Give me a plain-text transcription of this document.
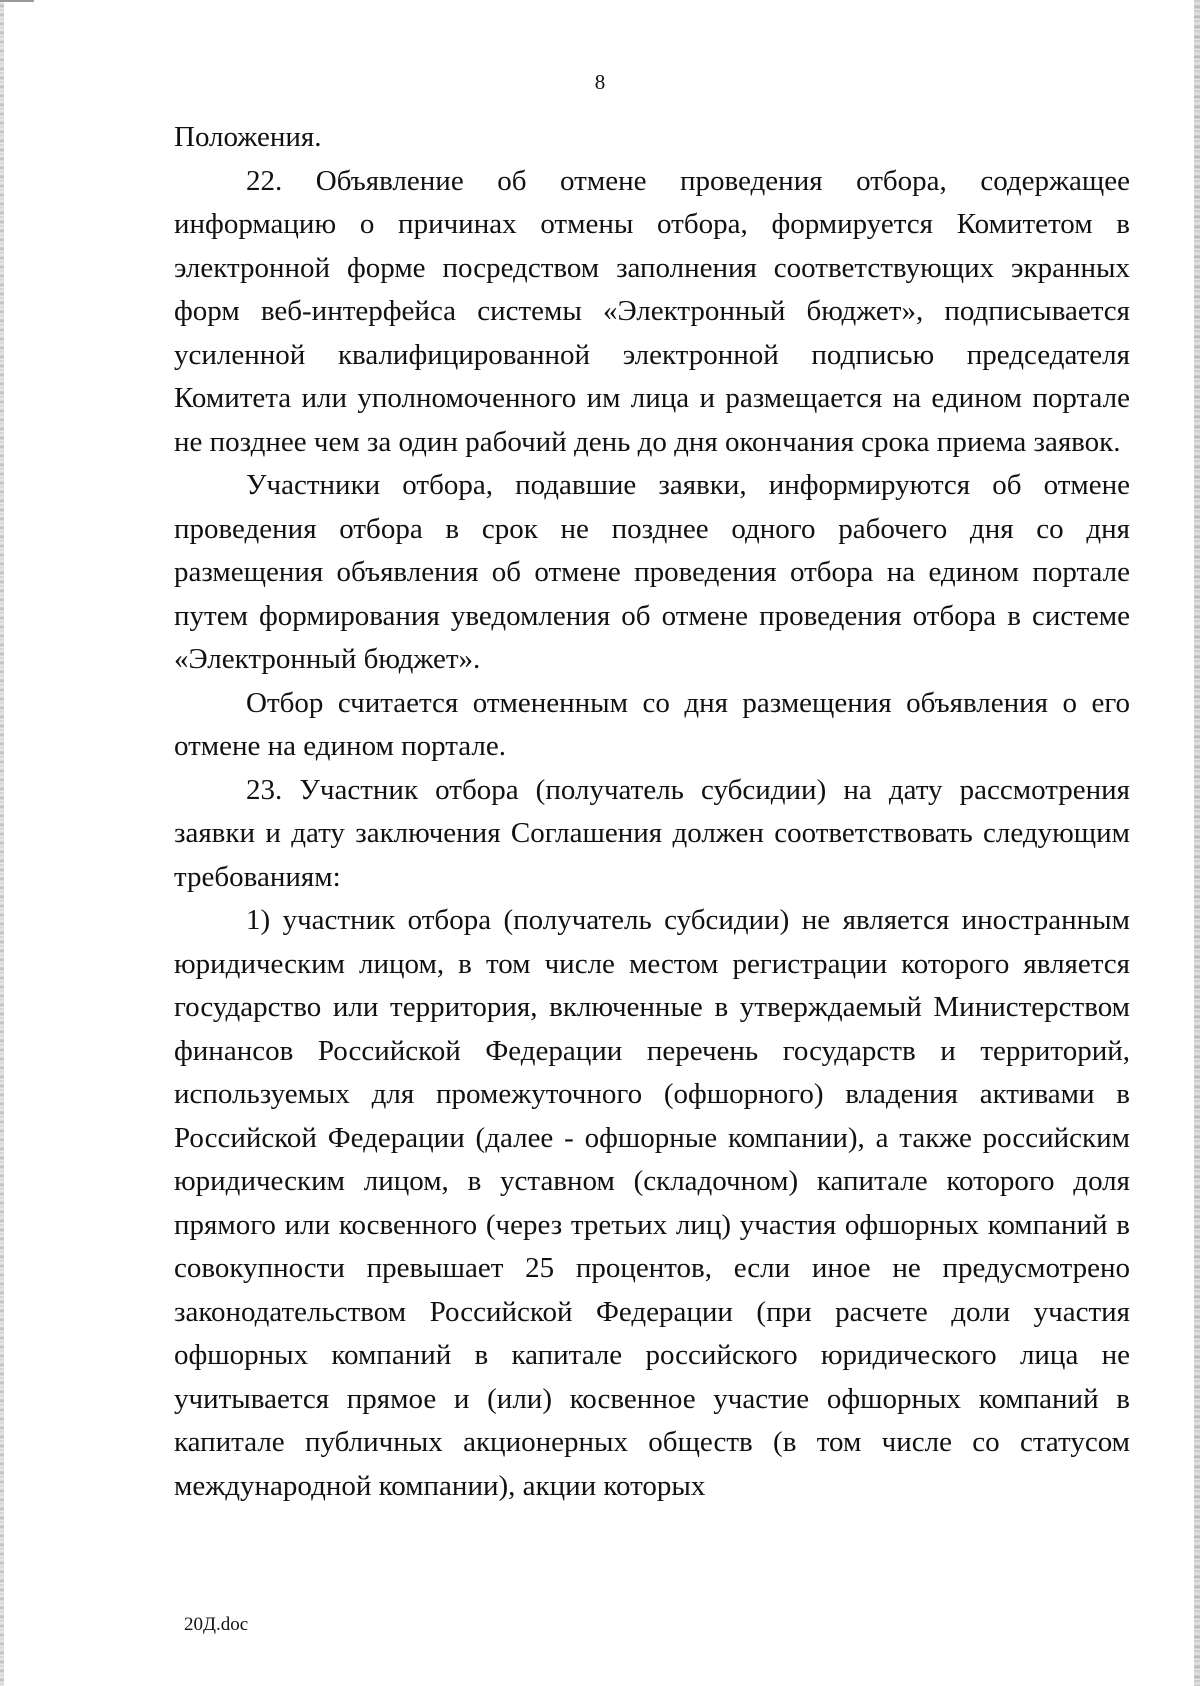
8

Положения.

22. Объявление об отмене проведения отбора, содержащее информацию о причинах отмены отбора, формируется Комитетом в электронной форме посредством заполнения соответствующих экранных форм веб-интерфейса системы «Электронный бюджет», подписывается усиленной квалифицированной электронной подписью председателя Комитета или уполномоченного им лица и размещается на едином портале не позднее чем за один рабочий день до дня окончания срока приема заявок.

Участники отбора, подавшие заявки, информируются об отмене проведения отбора в срок не позднее одного рабочего дня со дня размещения объявления об отмене проведения отбора на едином портале путем формирования уведомления об отмене проведения отбора в системе «Электронный бюджет».

Отбор считается отмененным со дня размещения объявления о его отмене на едином портале.

23. Участник отбора (получатель субсидии) на дату рассмотрения заявки и дату заключения Соглашения должен соответствовать следующим требованиям:

1) участник отбора (получатель субсидии) не является иностранным юридическим лицом, в том числе местом регистрации которого является государство или территория, включенные в утверждаемый Министерством финансов Российской Федерации перечень государств и территорий, используемых для промежуточного (офшорного) владения активами в Российской Федерации (далее - офшорные компании), а также российским юридическим лицом, в уставном (складочном) капитале которого доля прямого или косвенного (через третьих лиц) участия офшорных компаний в совокупности превышает 25 процентов, если иное не предусмотрено законодательством Российской Федерации (при расчете доли участия офшорных компаний в капитале российского юридического лица не учитывается прямое и (или) косвенное участие офшорных компаний в капитале публичных акционерных обществ (в том числе со статусом международной компании), акции которых

20Д.doc
